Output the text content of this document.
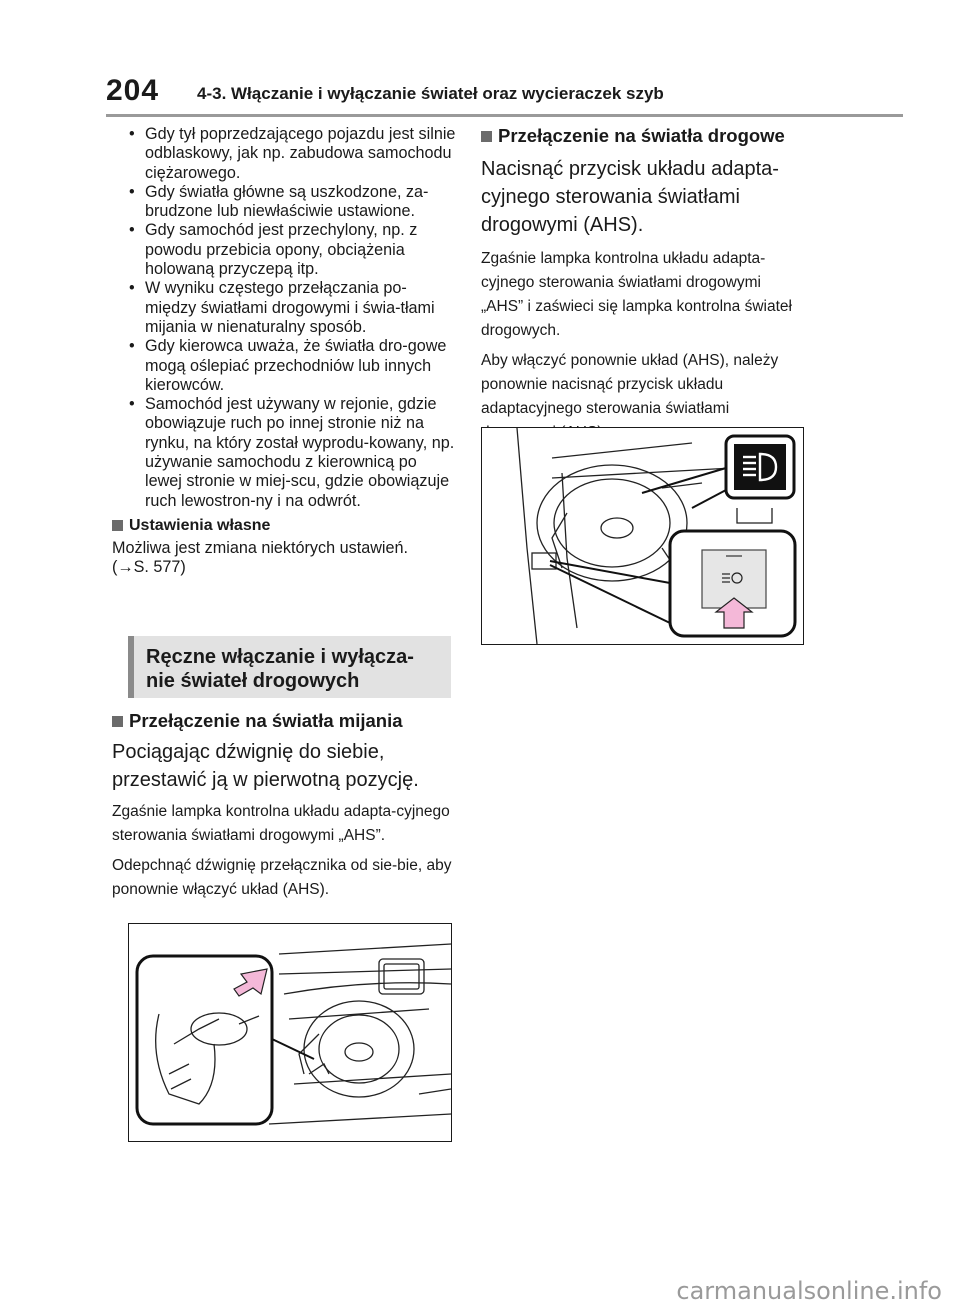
204 4-3. Włączanie i wyłączanie świateł oraz wycieraczek szyb
• Gdy tył poprzedzającego pojazdu jest silnie odblaskowy, jak np. zabudowa samochodu ciężarowego.
• Gdy światła główne są uszkodzone, za-brudzone lub niewłaściwie ustawione.
• Gdy samochód jest przechylony, np. z powodu przebicia opony, obciążenia holowaną przyczepą itp.
• W wyniku częstego przełączania po-między światłami drogowymi i świa-tłami mijania w nienaturalny sposób.
• Gdy kierowca uważa, że światła dro-gowe mogą oślepiać przechodniów lub innych kierowców.
• Samochód jest używany w rejonie, gdzie obowiązuje ruch po innej stronie niż na rynku, na który został wyprodu-kowany, np. używanie samochodu z kierownicą po lewej stronie w miej-scu, gdzie obowiązuje ruch lewostron-ny i na odwrót.
Ustawienia własne
Możliwa jest zmiana niektórych ustawień.
(→S. 577)
Ręczne włączanie i wyłącza-nie świateł drogowych
Przełączenie na światła mijania
Pociągając dźwignię do siebie, przestawić ją w pierwotną pozycję.
Zgaśnie lampka kontrolna układu adapta-cyjnego sterowania światłami drogowymi „AHS”.
Odepchnąć dźwignię przełącznika od sie-bie, aby ponownie włączyć układ (AHS).
Przełączenie na światła drogowe
Nacisnąć przycisk układu adapta-cyjnego sterowania światłami drogowymi (AHS).
Zgaśnie lampka kontrolna układu adapta-cyjnego sterowania światłami drogowymi „AHS” i zaświeci się lampka kontrolna świateł drogowych.
Aby włączyć ponownie układ (AHS), należy ponownie nacisnąć przycisk układu adaptacyjnego sterowania światłami
carmanualsonline.info
